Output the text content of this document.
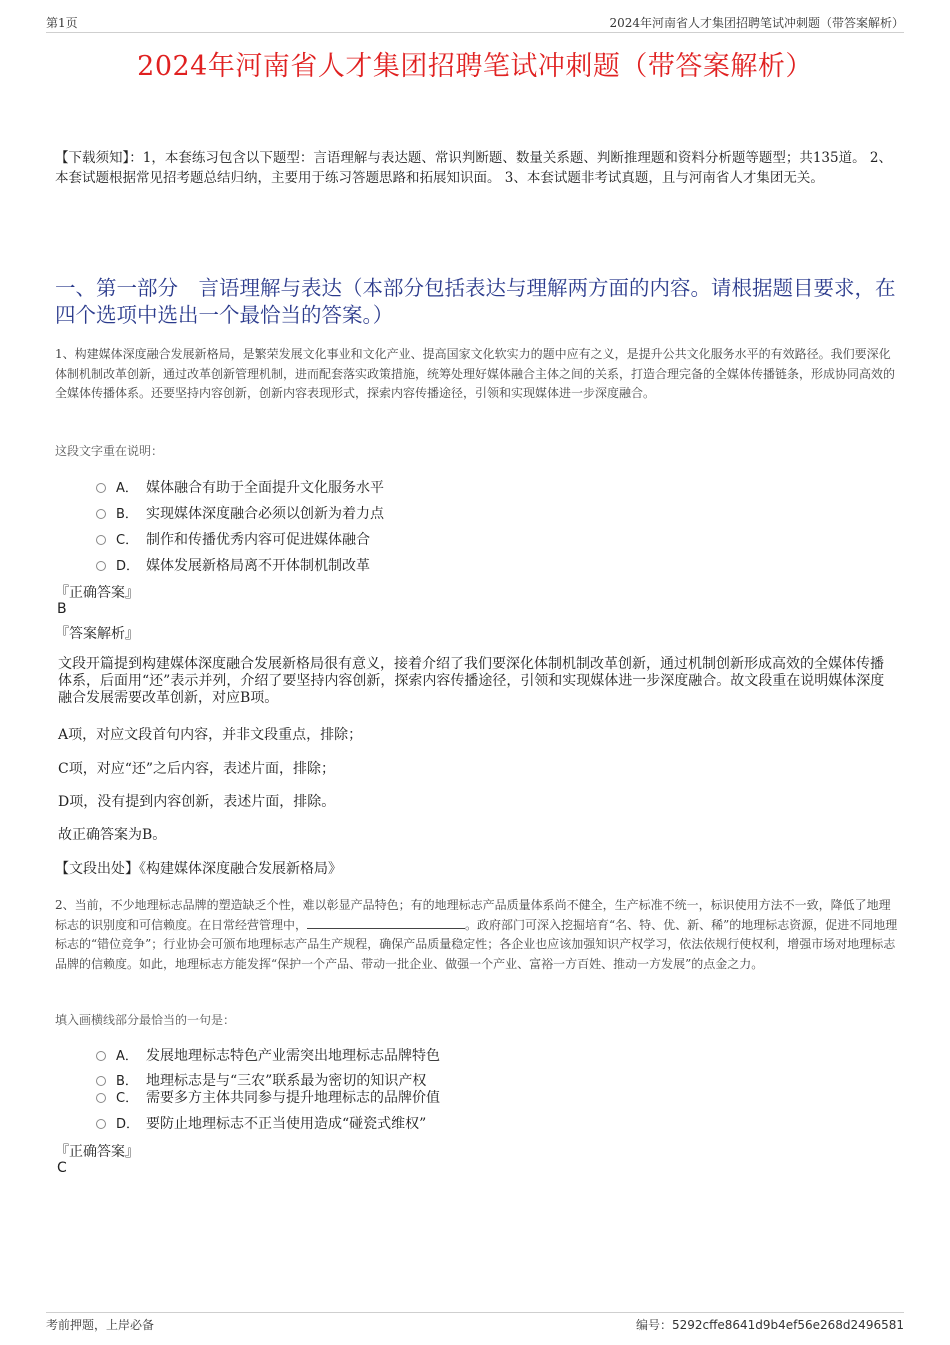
第1页	2024年河南省人才集团招聘笔试冲刺题（带答案解析）
2024年河南省人才集团招聘笔试冲刺题（带答案解析）
【下载须知】：1，本套练习包含以下题型：言语理解与表达题、常识判断题、数量关系题、判断推理题和资料分析题等题型；共135道。 2、本套试题根据常见招考题总结归纳，主要用于练习答题思路和拓展知识面。 3、本套试题非考试真题，且与河南省人才集团无关。
一、第一部分　言语理解与表达（本部分包括表达与理解两方面的内容。请根据题目要求，在四个选项中选出一个最恰当的答案。）
1、构建媒体深度融合发展新格局，是繁荣发展文化事业和文化产业、提高国家文化软实力的题中应有之义，是提升公共文化服务水平的有效路径。我们要深化体制机制改革创新，通过改革创新管理机制，进而配套落实政策措施，统筹处理好媒体融合主体之间的关系，打造合理完备的全媒体传播链条，形成协同高效的全媒体传播体系。还要坚持内容创新，创新内容表现形式，探索内容传播途径，引领和实现媒体进一步深度融合。
这段文字重在说明：
A． 媒体融合有助于全面提升文化服务水平
B． 实现媒体深度融合必须以创新为着力点
C． 制作和传播优秀内容可促进媒体融合
D． 媒体发展新格局离不开体制机制改革
『正确答案』
B
『答案解析』
文段开篇提到构建媒体深度融合发展新格局很有意义，接着介绍了我们要深化体制机制改革创新，通过机制创新形成高效的全媒体传播体系，后面用“还”表示并列，介绍了要坚持内容创新，探索内容传播途径，引领和实现媒体进一步深度融合。故文段重在说明媒体深度融合发展需要改革创新，对应B项。
A项，对应文段首句内容，并非文段重点，排除；
C项，对应“还”之后内容，表述片面，排除；
D项，没有提到内容创新，表述片面，排除。
故正确答案为B。
【文段出处】《构建媒体深度融合发展新格局》
2、当前，不少地理标志品牌的塑造缺乏个性，难以彰显产品特色；有的地理标志产品质量体系尚不健全，生产标准不统一，标识使用方法不一致，降低了地理标志的识别度和可信赖度。在日常经营管理中，	。政府部门可深入挖掘培育“名、特、优、新、稀”的地理标志资源，促进不同地理标志的“错位竞争”；行业协会可颁布地理标志产品生产规程，确保产品质量稳定性；各企业也应该加强知识产权学习，依法依规行使权利，增强市场对地理标志品牌的信赖度。如此，地理标志方能发挥“保护一个产品、带动一批企业、做强一个产业、富裕一方百姓、推动一方发展”的点金之力。
填入画横线部分最恰当的一句是：
A． 发展地理标志特色产业需突出地理标志品牌特色
B． 地理标志是与“三农”联系最为密切的知识产权
C． 需要多方主体共同参与提升地理标志的品牌价值
D． 要防止地理标志不正当使用造成“碰瓷式维权”
『正确答案』
C
考前押题，上岸必备	编号：5292cffe8641d9b4ef56e268d2496581
